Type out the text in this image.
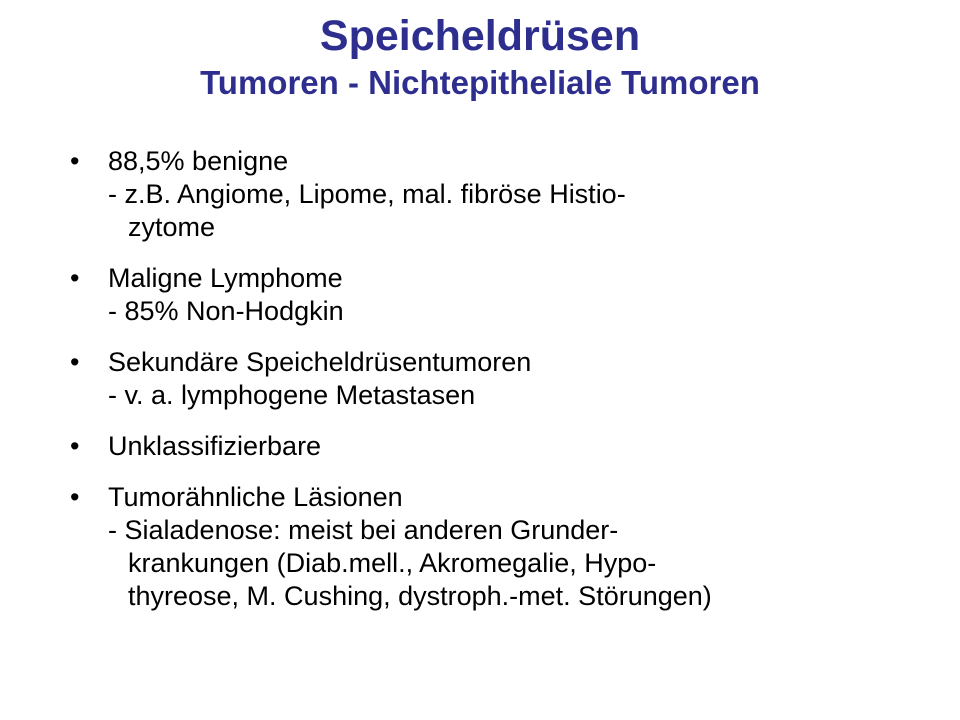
Speicheldrüsen
Tumoren - Nichtepitheliale Tumoren
• 88,5% benigne
- z.B. Angiome, Lipome, mal. fibröse Histio-
zytome
• Maligne Lymphome
- 85% Non-Hodgkin
• Sekundäre Speicheldrüsentumoren
- v. a. lymphogene Metastasen
• Unklassifizierbare
• Tumorähnliche Läsionen
- Sialadenose: meist bei anderen Grunder-
krankungen (Diab.mell., Akromegalie, Hypo-
thyreose, M. Cushing, dystroph.-met. Störungen)
